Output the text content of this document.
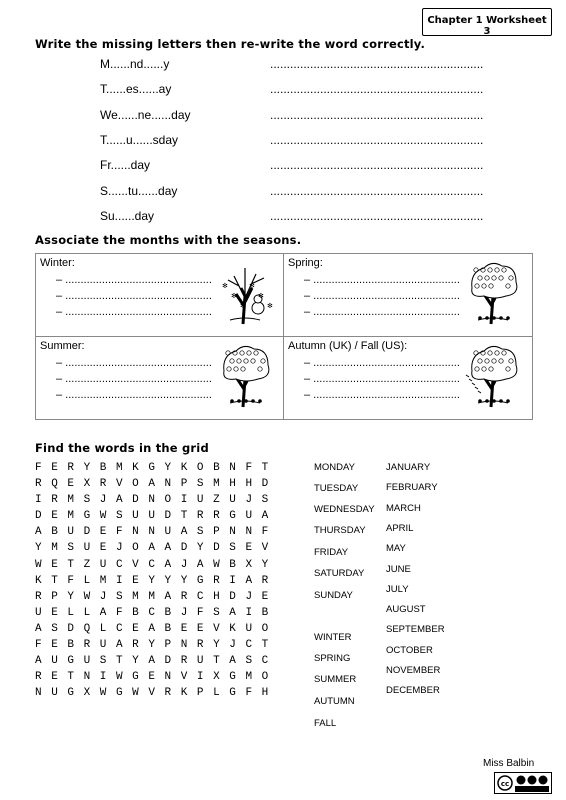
Chapter 1 Worksheet 3
Write the missing letters then re-write the word correctly.
M......nd......y	................................................................
T......es......ay	................................................................
We......ne......day	................................................................
T......u......sday	................................................................
Fr......day	................................................................
S......tu......day	................................................................
Su......day	................................................................
Associate the months with the seasons.
Winter:
– ................................................
– ................................................
– ................................................
✻
✻
✻
✻
✻
✻
Spring:
– ................................................
– ................................................
– ................................................
Summer:
– ................................................
– ................................................
– ................................................
Autumn (UK) / Fall (US):
– ................................................
– ................................................
– ................................................
Find the words in the grid
F E R Y B M K G Y K O B N F T
R Q E X R V O A N P S M H H D
I R M S J A D N O I U Z U J S
D E M G W S U U D T R R G U A
A B U D E F N N U A S P N N F
Y M S U E J O A A D Y D S E V
W E T Z U C V C A J A W B X Y
K T F L M I E Y Y Y G R I A R
R P Y W J S M M A R C H D J E
U E L L A F B C B J F S A I B
A S D Q L C E A B E E V K U O
F E B R U A R Y P N R Y J C T
A U G U S T Y A D R U T A S C
R E T N I W G E N V I X G M O
N U G X W G W V R K P L G F H
MONDAY
TUESDAY
WEDNESDAY
THURSDAY
FRIDAY
SATURDAY
SUNDAY
WINTER
SPRING
SUMMER
AUTUMN
FALL
JANUARY
FEBRUARY
MARCH
APRIL
MAY
JUNE
JULY
AUGUST
SEPTEMBER
OCTOBER
NOVEMBER
DECEMBER
Miss Balbin
cc
